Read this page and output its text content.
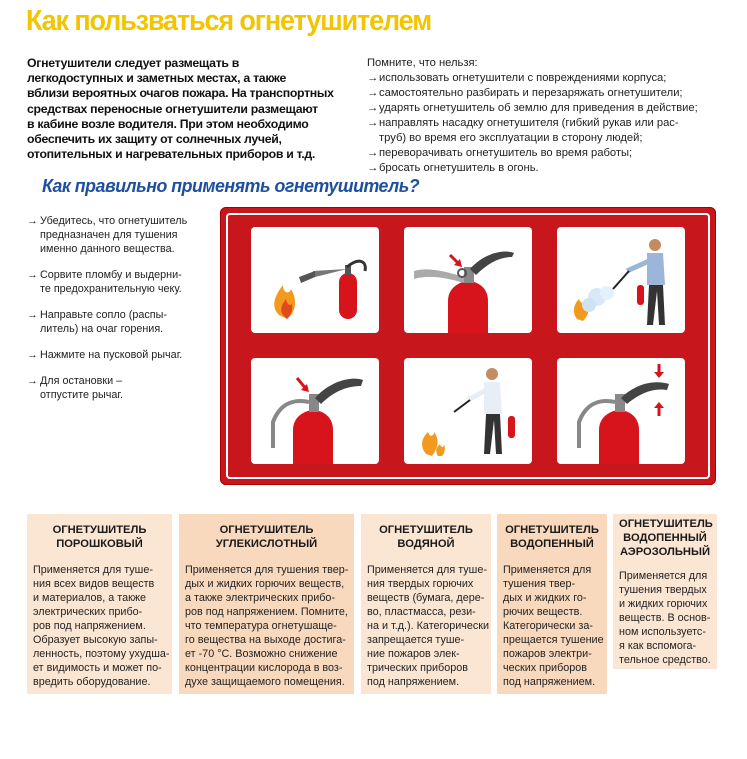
Как пользваться огнетушителем
Огнетушители следует размещать в
легкодоступных и заметных местах, а также
вблизи вероятных очагов пожара. На транспортных
средствах переносные огнетушители размещают
в кабине возле водителя. При этом необходимо
обеспечить их защиту от солнечных лучей,
отопительных и нагревательных приборов и т.д.
Помните, что нельзя:
→ использовать огнетушители с повреждениями корпуса;
→ самостоятельно разбирать и перезаряжать огнетушители;
→ ударять огнетушитель об землю для приведения в действие;
→ направлять насадку огнетушителя (гибкий рукав или рас-
труб) во время его эксплуатации в сторону людей;
→ переворачивать огнетушитель во время работы;
→ бросать огнетушитель в огонь.
Как правильно применять огнетушитель?
→ Убедитесь, что огнетушитель
предназначен для тушения
именно данного вещества.
→ Сорвите пломбу и выдерни-
те предохранительную чеку.
→ Направьте сопло (распы-
литель) на очаг горения.
→ Нажмите на пусковой рычаг.
→ Для остановки –
отпустите рычаг.
ОГНЕТУШИТЕЛЬ
ПОРОШКОВЫЙ
Применяется для туше-
ния всех видов веществ
и материалов, а также
электрических прибо-
ров под напряжением.
Образует высокую запы-
ленность, поэтому ухудша-
ет видимость и может по-
вредить оборудование.
ОГНЕТУШИТЕЛЬ
УГЛЕКИСЛОТНЫЙ
Применяется для тушения твер-
дых и жидких горючих веществ,
а также электрических прибо-
ров под напряжением. Помните,
что температура огнетушаще-
го вещества на выходе достига-
ет -70 °С. Возможно снижение
концентрации кислорода в воз-
духе защищаемого помещения.
ОГНЕТУШИТЕЛЬ
ВОДЯНОЙ
Применяется для туше-
ния твердых горючих
веществ (бумага, дере-
во, пластмасса, рези-
на и т.д.). Категорически
запрещается туше-
ние пожаров элек-
трических приборов
под напряжением.
ОГНЕТУШИТЕЛЬ
ВОДОПЕННЫЙ
Применяется для
тушения твер-
дых и жидких го-
рючих веществ.
Категорически за-
прещается тушение
пожаров электри-
ческих приборов
под напряжением.
ОГНЕТУШИТЕЛЬ
ВОДОПЕННЫЙ
АЭРОЗОЛЬНЫЙ
Применяется для
тушения твердых
и жидких горючих
веществ. В основ-
ном используетс-
я как вспомога-
тельное средство.
